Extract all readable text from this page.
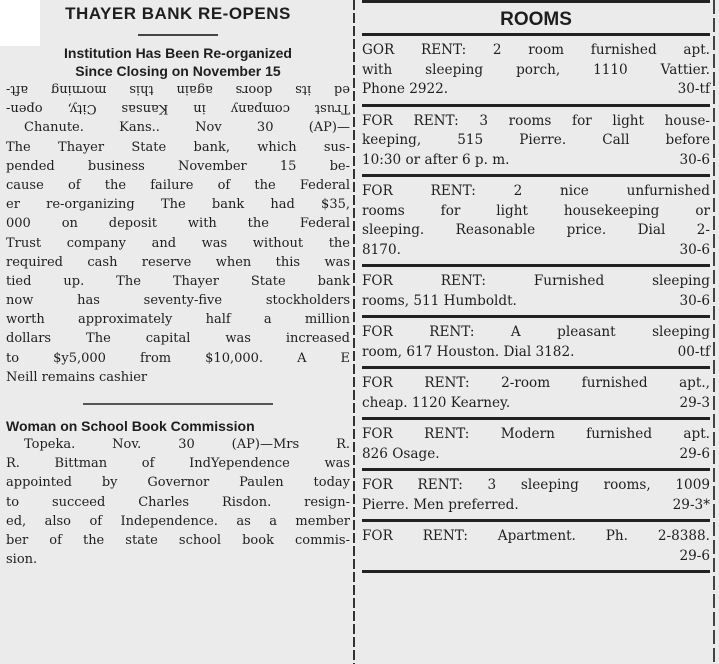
THAYER BANK RE-OPENS
Institution Has Been Re-organized
Since Closing on November 15
ed its doors again this morning aft-
Trust company in Kansas City, open-
Chanute. Kans.. Nov 30 (AP)—
The Thayer State bank, which sus-
pended business November 15 be-
cause of the failure of the Federal
er re-organizing The bank had $35,
000 on deposit with the Federal
Trust company and was without the
required cash reserve when this was
tied up. The Thayer State bank
now has seventy-five stockholders
worth approximately half a million
dollars The capital was increased
to $y5,000 from $10,000. A E
Neill remains cashier
Woman on School Book Commission
Topeka. Nov. 30 (AP)—Mrs R.
R. Bittman of IndYependence was
appointed by Governor Paulen today
to succeed Charles Risdon. resign-
ed, also of Independence. as a member
ber of the state school book commis-
sion.
ROOMS
GOR RENT: 2 room furnished apt.
with sleeping porch, 1110 Vattier.
Phone 2922.	30-tf
FOR RENT: 3 rooms for light house-
keeping, 515 Pierre. Call before
10:30 or after 6 p. m.	30-6
FOR RENT: 2 nice unfurnished
rooms for light housekeeping or
sleeping. Reasonable price. Dial 2-
8170.	30-6
FOR RENT: Furnished sleeping
rooms, 511 Humboldt.	30-6
FOR RENT: A pleasant sleeping
room, 617 Houston. Dial 3182.	00-tf
FOR RENT: 2-room furnished apt.,
cheap. 1120 Kearney.	29-3
FOR RENT: Modern furnished apt.
826 Osage.	29-6
FOR RENT: 3 sleeping rooms, 1009
Pierre. Men preferred.	29-3*
FOR RENT: Apartment. Ph. 2-8388.
29-6
